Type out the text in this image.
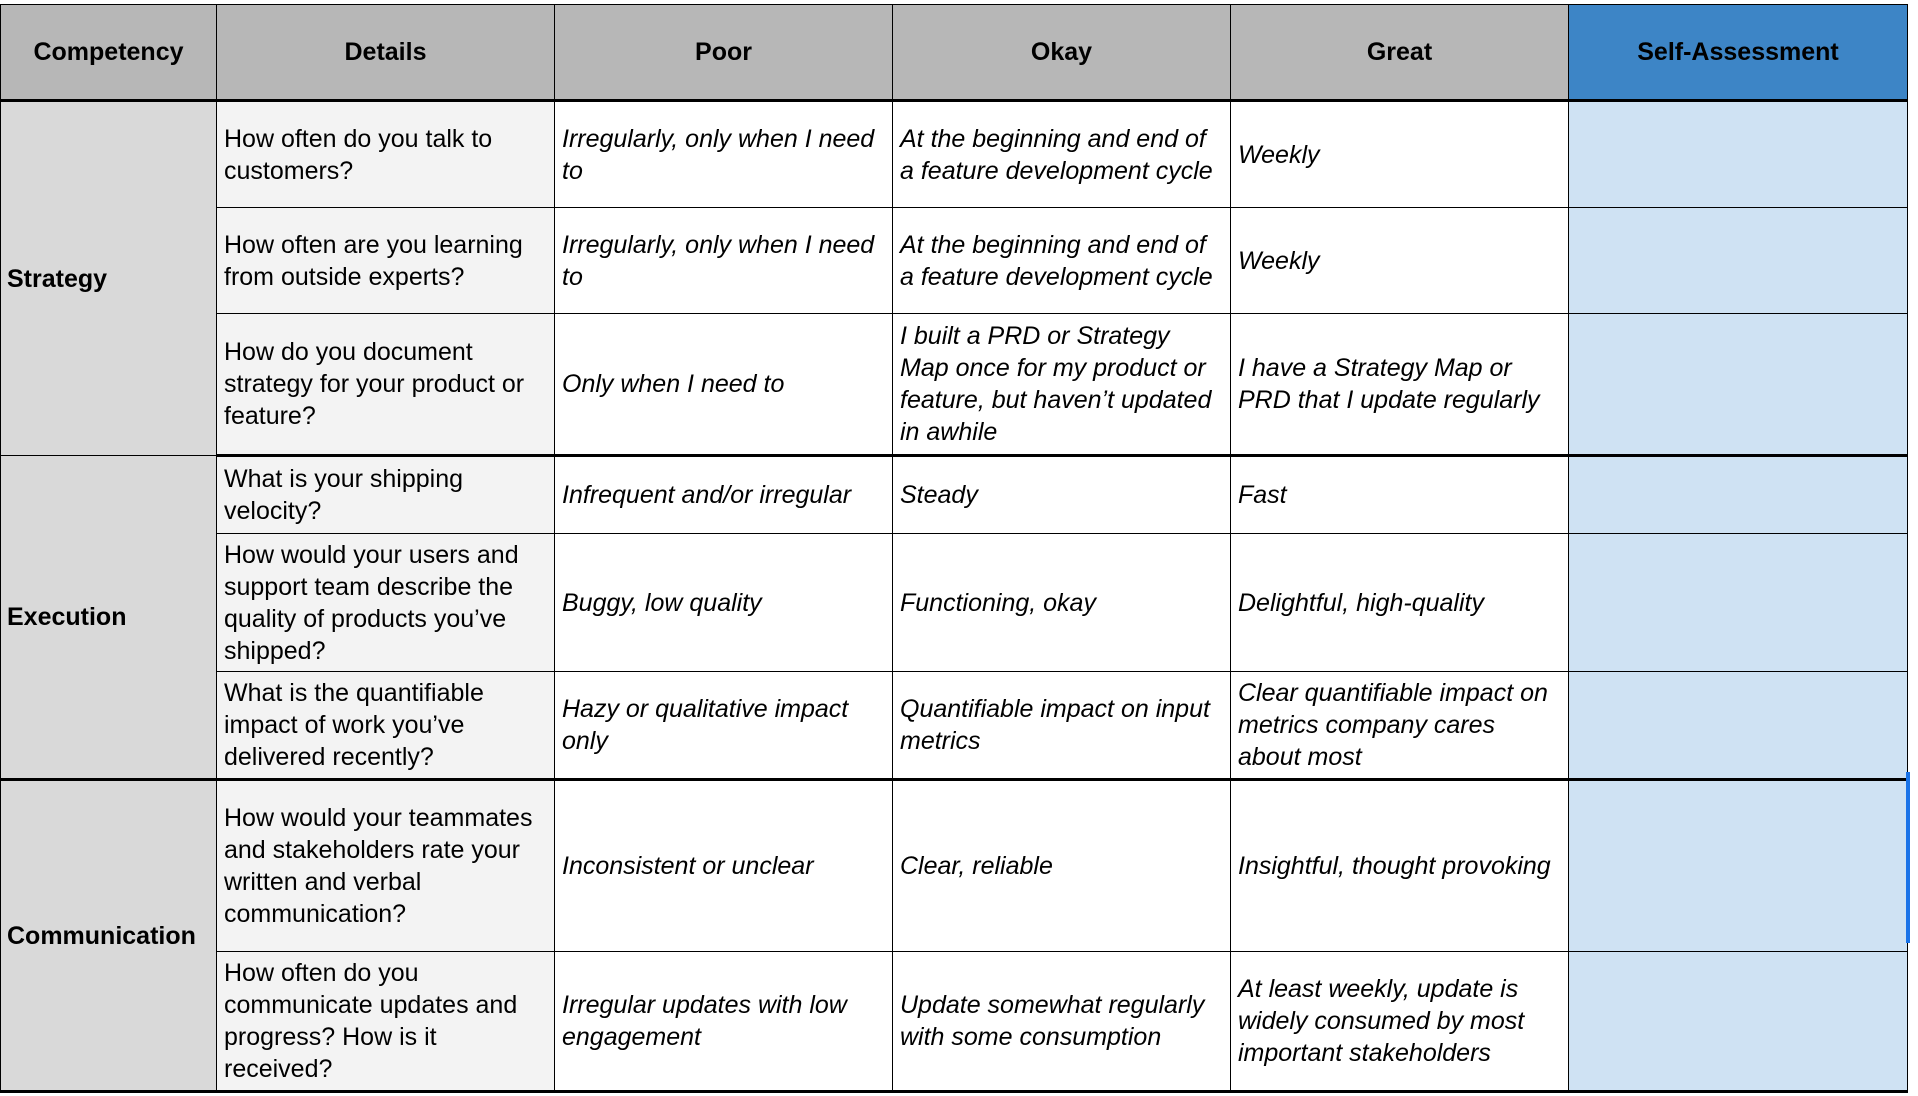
Competency	Details	Poor	Okay	Great	Self-Assessment
Strategy	How often do you talk to customers?	Irregularly, only when I need to	At the beginning and end of a feature development cycle	Weekly	
	How often are you learning from outside experts?	Irregularly, only when I need to	At the beginning and end of a feature development cycle	Weekly	
	How do you document strategy for your product or feature?	Only when I need to	I built a PRD or Strategy Map once for my product or feature, but haven’t updated in awhile	I have a Strategy Map or PRD that I update regularly	
Execution	What is your shipping velocity?	Infrequent and/or irregular	Steady	Fast	
	How would your users and support team describe the quality of products you’ve shipped?	Buggy, low quality	Functioning, okay	Delightful, high-quality	
	What is the quantifiable impact of work you’ve delivered recently?	Hazy or qualitative impact only	Quantifiable impact on input metrics	Clear quantifiable impact on metrics company cares about most	
Communication	How would your teammates and stakeholders rate your written and verbal communication?	Inconsistent or unclear	Clear, reliable	Insightful, thought provoking	
	How often do you communicate updates and progress? How is it received?	Irregular updates with low engagement	Update somewhat regularly with some consumption	At least weekly, update is widely consumed by most important stakeholders	
